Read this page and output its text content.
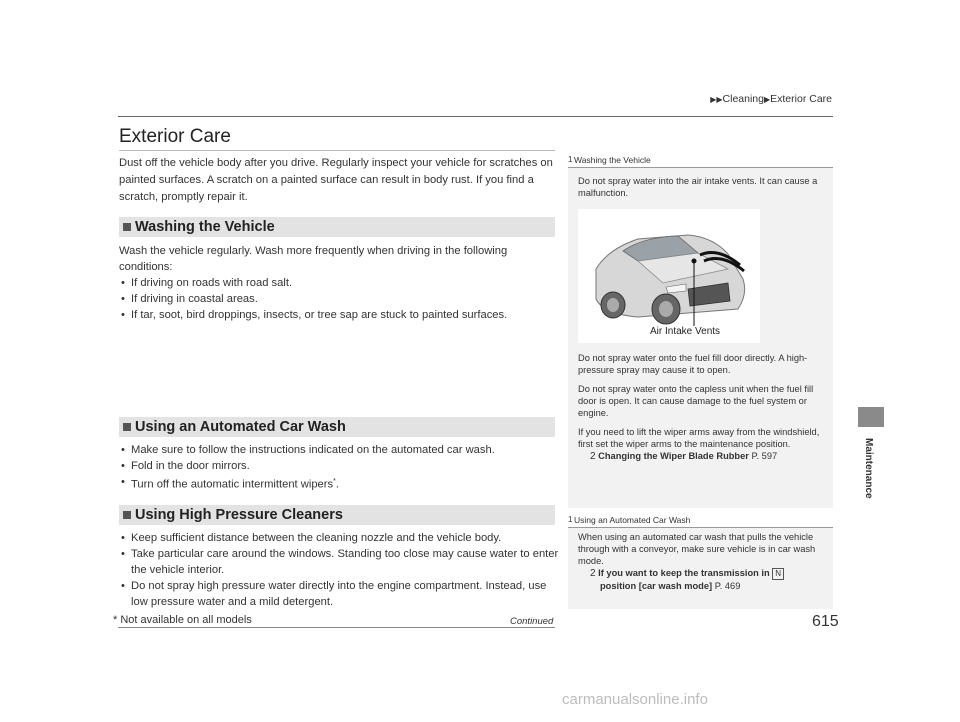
▶▶Cleaning▶Exterior Care
Exterior Care
Dust off the vehicle body after you drive. Regularly inspect your vehicle for scratches on painted surfaces. A scratch on a painted surface can result in body rust. If you find a scratch, promptly repair it.
Washing the Vehicle
Wash the vehicle regularly. Wash more frequently when driving in the following conditions:
• If driving on roads with road salt.
• If driving in coastal areas.
• If tar, soot, bird droppings, insects, or tree sap are stuck to painted surfaces.
Using an Automated Car Wash
• Make sure to follow the instructions indicated on the automated car wash.
• Fold in the door mirrors.
• Turn off the automatic intermittent wipers*.
Using High Pressure Cleaners
• Keep sufficient distance between the cleaning nozzle and the vehicle body.
• Take particular care around the windows. Standing too close may cause water to enter the vehicle interior.
• Do not spray high pressure water directly into the engine compartment. Instead, use low pressure water and a mild detergent.
Maintenance
1 Washing the Vehicle

Do not spray water into the air intake vents. It can cause a malfunction.

Do not spray water onto the fuel fill door directly. A high-pressure spray may cause it to open.

Do not spray water onto the capless unit when the fuel fill door is open. It can cause damage to the fuel system or engine.

If you need to lift the wiper arms away from the windshield, first set the wiper arms to the maintenance position.

2 Changing the Wiper Blade Rubber P. 597
Air Intake Vents
1 Using an Automated Car Wash

When using an automated car wash that pulls the vehicle through with a conveyor, make sure vehicle is in car wash mode.

2 If you want to keep the transmission in N
position [car wash mode] P. 469
Continued
* Not available on all models	615
carmanualsonline.info
